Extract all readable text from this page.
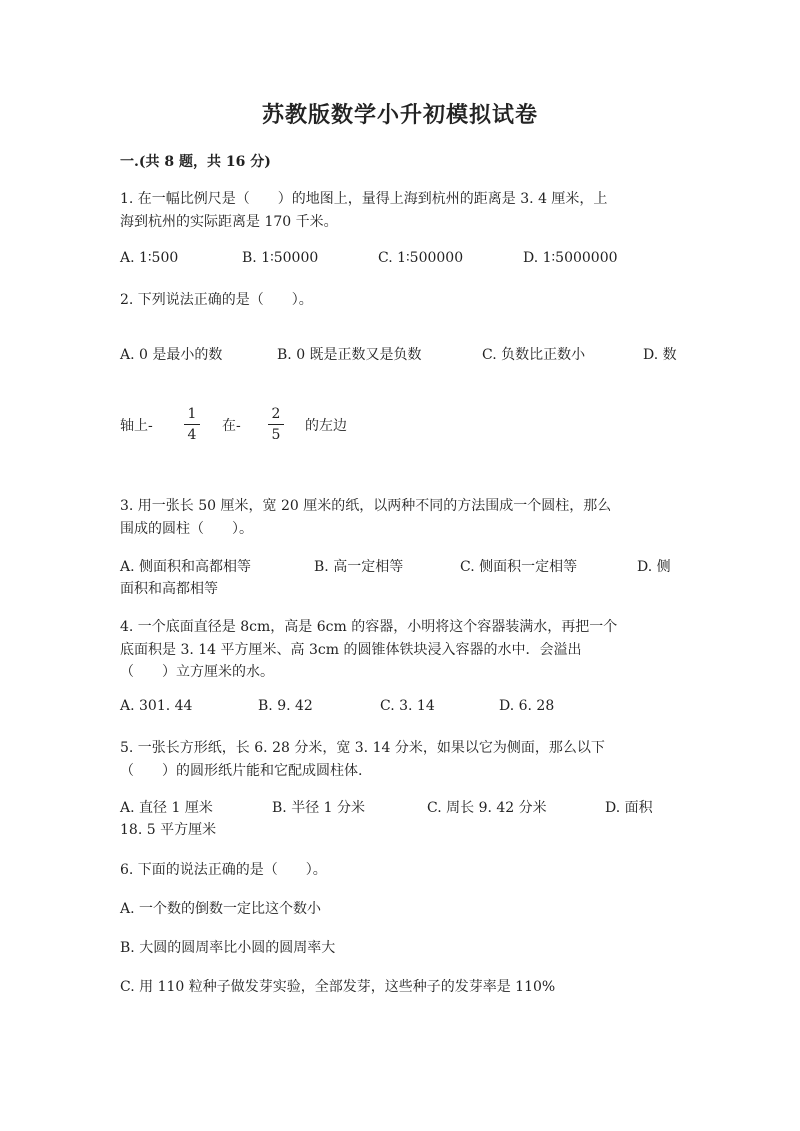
苏教版数学小升初模拟试卷
一.(共 8 题，共 16 分)
1. 在一幅比例尺是（　　）的地图上，量得上海到杭州的距离是 3. 4 厘米，上
海到杭州的实际距离是 170 千米。
A. 1∶500	B. 1∶50000	C. 1∶500000	D. 1∶5000000
2. 下列说法正确的是（　　）。
A. 0 是最小的数	B. 0 既是正数又是负数	C. 负数比正数小	D. 数
轴上-
1
4
在-
2
5
的左边
3. 用一张长 50 厘米，宽 20 厘米的纸，以两种不同的方法围成一个圆柱，那么
围成的圆柱（　　）。
A. 侧面积和高都相等	B. 高一定相等	C. 侧面积一定相等	D. 侧
面积和高都相等
4. 一个底面直径是 8cm，高是 6cm 的容器，小明将这个容器装满水，再把一个
底面积是 3. 14 平方厘米、高 3cm 的圆锥体铁块浸入容器的水中．会溢出
（　　）立方厘米的水。
A. 301. 44	B. 9. 42	C. 3. 14	D. 6. 28
5. 一张长方形纸，长 6. 28 分米，宽 3. 14 分米，如果以它为侧面，那么以下
（　　）的圆形纸片能和它配成圆柱体.
A. 直径 1 厘米	B. 半径 1 分米	C. 周长 9. 42 分米	D. 面积
18. 5 平方厘米
6. 下面的说法正确的是（　　）。
A. 一个数的倒数一定比这个数小
B. 大圆的圆周率比小圆的圆周率大
C. 用 110 粒种子做发芽实验，全部发芽，这些种子的发芽率是 110%
